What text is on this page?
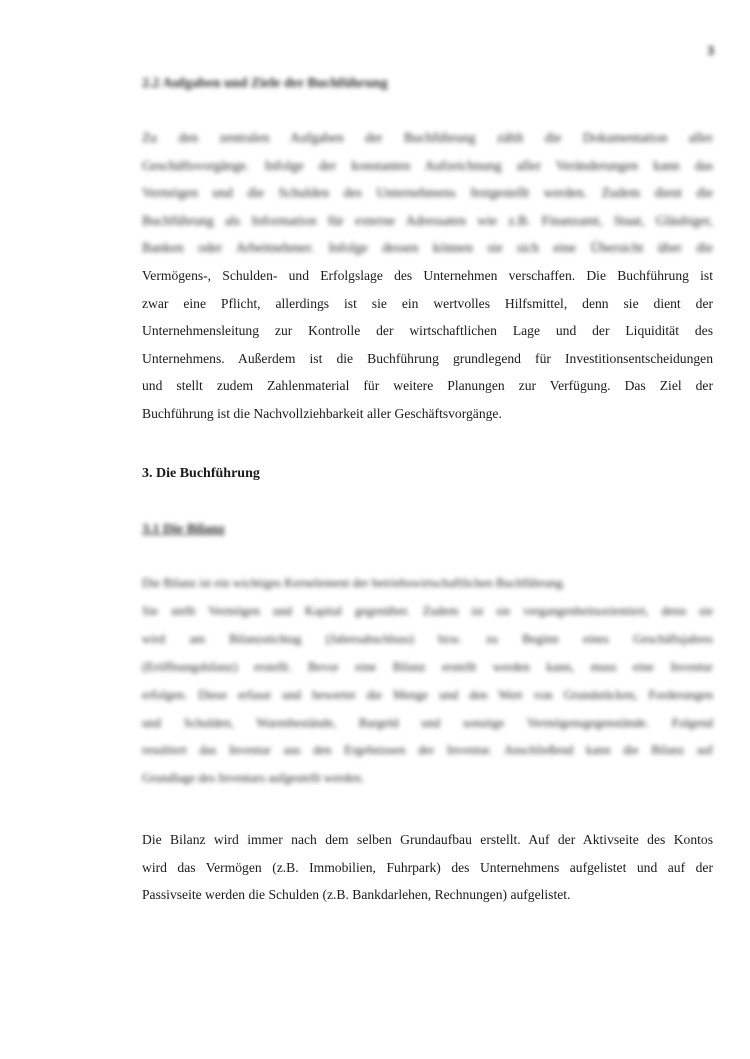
3
2.2 Aufgaben und Ziele der Buchführung
Zu den zentralen Aufgaben der Buchführung zählt die Dokumentation aller
Geschäftsvorgänge. Infolge der konstanten Aufzeichnung aller Veränderungen kann das
Vermögen und die Schulden des Unternehmens festgestellt werden. Zudem dient die
Buchführung als Information für externe Adressaten wie z.B. Finanzamt, Staat, Gläubiger,
Banken oder Arbeitnehmer. Infolge dessen können sie sich eine Übersicht über die
Vermögens-, Schulden- und Erfolgslage des Unternehmen verschaffen. Die Buchführung ist
zwar eine Pflicht, allerdings ist sie ein wertvolles Hilfsmittel, denn sie dient der
Unternehmensleitung zur Kontrolle der wirtschaftlichen Lage und der Liquidität des
Unternehmens. Außerdem ist die Buchführung grundlegend für Investitionsentscheidungen
und stellt zudem Zahlenmaterial für weitere Planungen zur Verfügung. Das Ziel der
Buchführung ist die Nachvollziehbarkeit aller Geschäftsvorgänge.
3. Die Buchführung
3.1 Die Bilanz
Die Bilanz ist ein wichtiges Kernelement der betriebswirtschaftlichen Buchführung.
Sie stellt Vermögen und Kapital gegenüber. Zudem ist sie vergangenheitsorientiert, denn sie
wird am Bilanzstichtag (Jahresabschluss) bzw. zu Beginn eines Geschäftsjahres
(Eröffnungsbilanz) erstellt. Bevor eine Bilanz erstellt werden kann, muss eine Inventur
erfolgen. Diese erfasst und bewertet die Menge und den Wert von Grundstücken, Forderungen
und Schulden, Warenbestände, Bargeld und sonstige Vermögensgegenstände. Folgend
resultiert das Inventar aus den Ergebnissen der Inventur. Anschließend kann die Bilanz auf
Grundlage des Inventars aufgestellt werden.
Die Bilanz wird immer nach dem selben Grundaufbau erstellt. Auf der Aktivseite des Kontos
wird das Vermögen (z.B. Immobilien, Fuhrpark) des Unternehmens aufgelistet und auf der
Passivseite werden die Schulden (z.B. Bankdarlehen, Rechnungen) aufgelistet.
